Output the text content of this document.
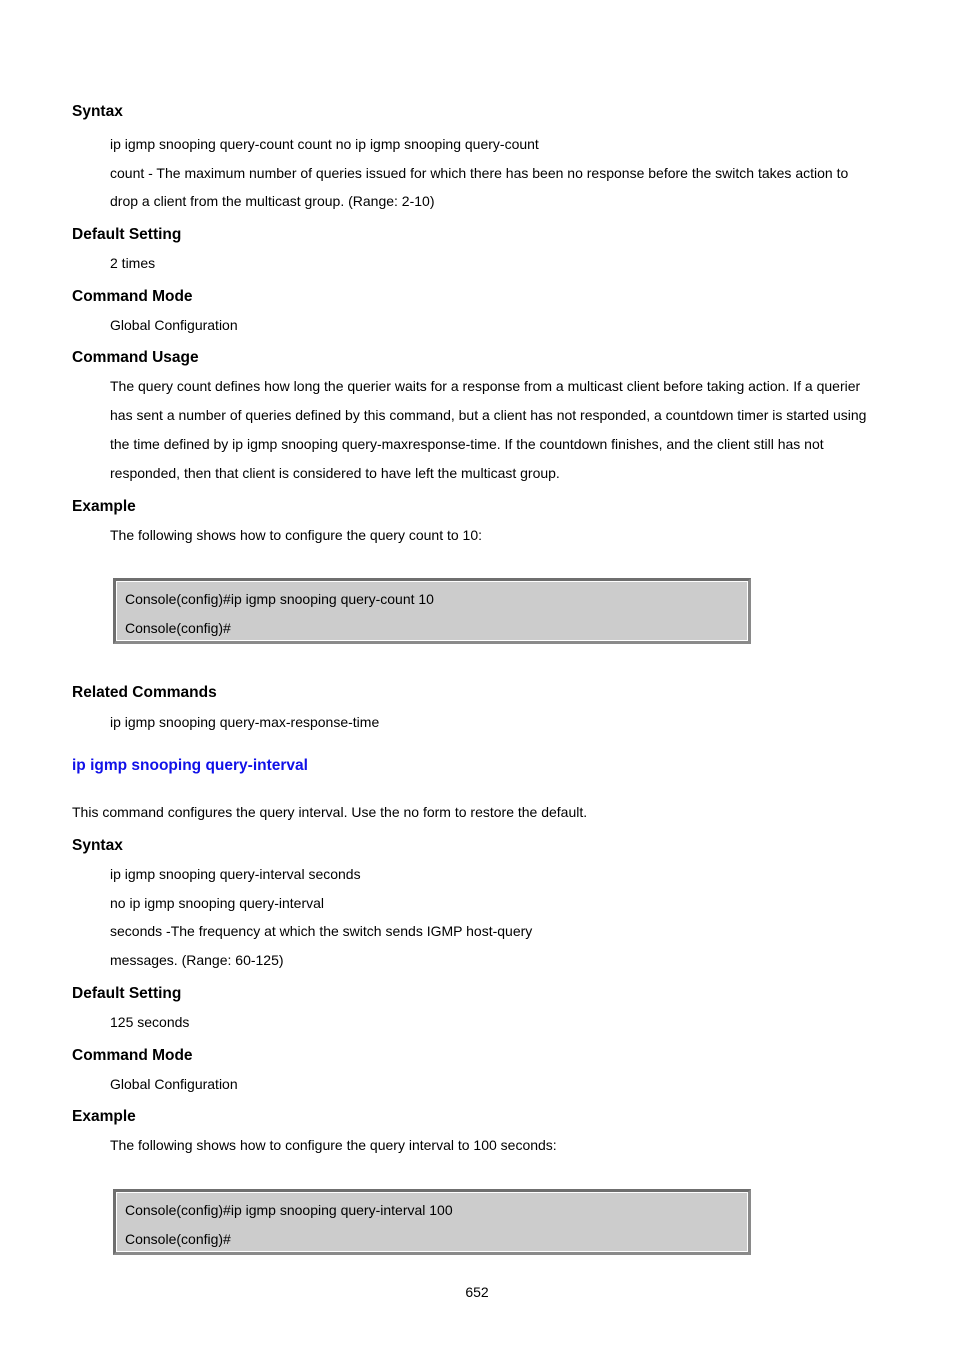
Syntax
ip igmp snooping query-count count no ip igmp snooping query-count
count - The maximum number of queries issued for which there has been no response before the switch takes action to
drop a client from the multicast group. (Range: 2-10)
Default Setting
2 times
Command Mode
Global Configuration
Command Usage
The query count defines how long the querier waits for a response from a multicast client before taking action. If a querier
has sent a number of queries defined by this command, but a client has not responded, a countdown timer is started using
the time defined by ip igmp snooping query-maxresponse-time. If the countdown finishes, and the client still has not
responded, then that client is considered to have left the multicast group.
Example
The following shows how to configure the query count to 10:
Console(config)#ip igmp snooping query-count 10
Console(config)#
Related Commands
ip igmp snooping query-max-response-time
ip igmp snooping query-interval
This command configures the query interval. Use the no form to restore the default.
Syntax
ip igmp snooping query-interval seconds
no ip igmp snooping query-interval
seconds -The frequency at which the switch sends IGMP host-query
messages. (Range: 60-125)
Default Setting
125 seconds
Command Mode
Global Configuration
Example
The following shows how to configure the query interval to 100 seconds:
Console(config)#ip igmp snooping query-interval 100
Console(config)#
652
